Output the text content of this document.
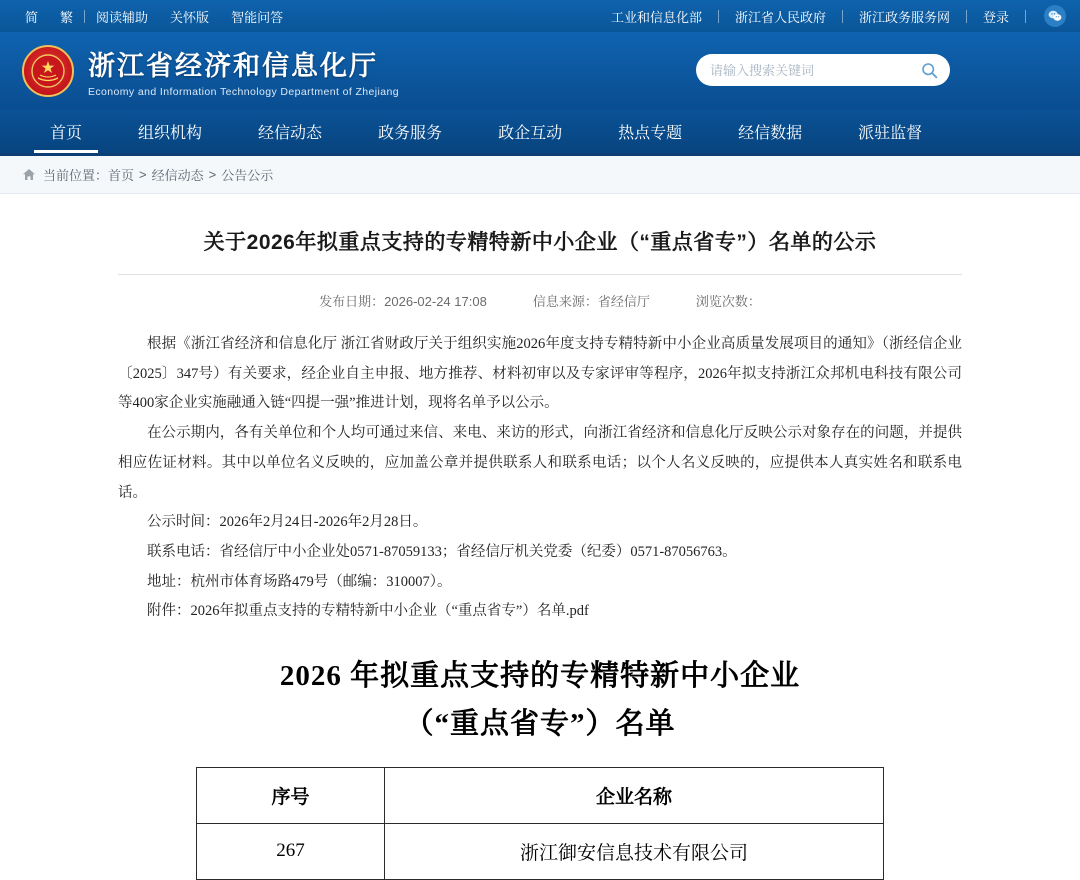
简	繁	阅读辅助	关怀版	智能问答	工业和信息化部	浙江省人民政府	浙江政务服务网	登录
浙江省经济和信息化厅
Economy and Information Technology Department of Zhejiang
请输入搜索关键词
首页	组织机构	经信动态	政务服务	政企互动	热点专题	经信数据	派驻监督
当前位置： 首页 > 经信动态 > 公告公示
关于2026年拟重点支持的专精特新中小企业（“重点省专”）名单的公示
发布日期：2026-02-24 17:08	信息来源：省经信厅	浏览次数：

根据《浙江省经济和信息化厅 浙江省财政厅关于组织实施2026年度支持专精特新中小企业高质量发展项目的通知》（浙经信企业〔2025〕347号）有关要求，经企业自主申报、地方推荐、材料初审以及专家评审等程序，2026年拟支持浙江众邦机电科技有限公司等400家企业实施融通入链“四提一强”推进计划，现将名单予以公示。

在公示期内，各有关单位和个人均可通过来信、来电、来访的形式，向浙江省经济和信息化厅反映公示对象存在的问题，并提供相应佐证材料。其中以单位名义反映的，应加盖公章并提供联系人和联系电话；以个人名义反映的，应提供本人真实姓名和联系电话。

公示时间：2026年2月24日-2026年2月28日。

联系电话：省经信厅中小企业处0571-87059133；省经信厅机关党委（纪委）0571-87056763。

地址：杭州市体育场路479号（邮编：310007）。

附件：2026年拟重点支持的专精特新中小企业（“重点省专”）名单.pdf

2026 年拟重点支持的专精特新中小企业
（“重点省专”）名单
序号	企业名称
267	浙江御安信息技术有限公司
